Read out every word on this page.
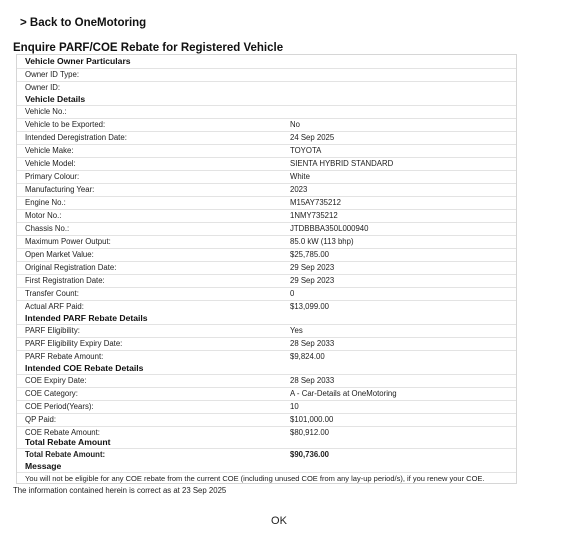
> Back to OneMotoring
Enquire PARF/COE Rebate for Registered Vehicle
Vehicle Owner Particulars
Owner ID Type:
Owner ID:
Vehicle Details
Vehicle No.:
Vehicle to be Exported:	No
Intended Deregistration Date:	24 Sep 2025
Vehicle Make:	TOYOTA
Vehicle Model:	SIENTA HYBRID STANDARD
Primary Colour:	White
Manufacturing Year:	2023
Engine No.:	M15AY735212
Motor No.:	1NMY735212
Chassis No.:	JTDBBBA350L000940
Maximum Power Output:	85.0 kW (113 bhp)
Open Market Value:	$25,785.00
Original Registration Date:	29 Sep 2023
First Registration Date:	29 Sep 2023
Transfer Count:	0
Actual ARF Paid:	$13,099.00
Intended PARF Rebate Details
PARF Eligibility:	Yes
PARF Eligibility Expiry Date:	28 Sep 2033
PARF Rebate Amount:	$9,824.00
Intended COE Rebate Details
COE Expiry Date:	28 Sep 2033
COE Category:	A - Car-Details at OneMotoring
COE Period(Years):	10
QP Paid:	$101,000.00
COE Rebate Amount:	$80,912.00
Total Rebate Amount
Total Rebate Amount:	$90,736.00
Message
You will not be eligible for any COE rebate from the current COE (including unused COE from any lay-up period/s), if you renew your COE.
The information contained herein is correct as at 23 Sep 2025
OK
